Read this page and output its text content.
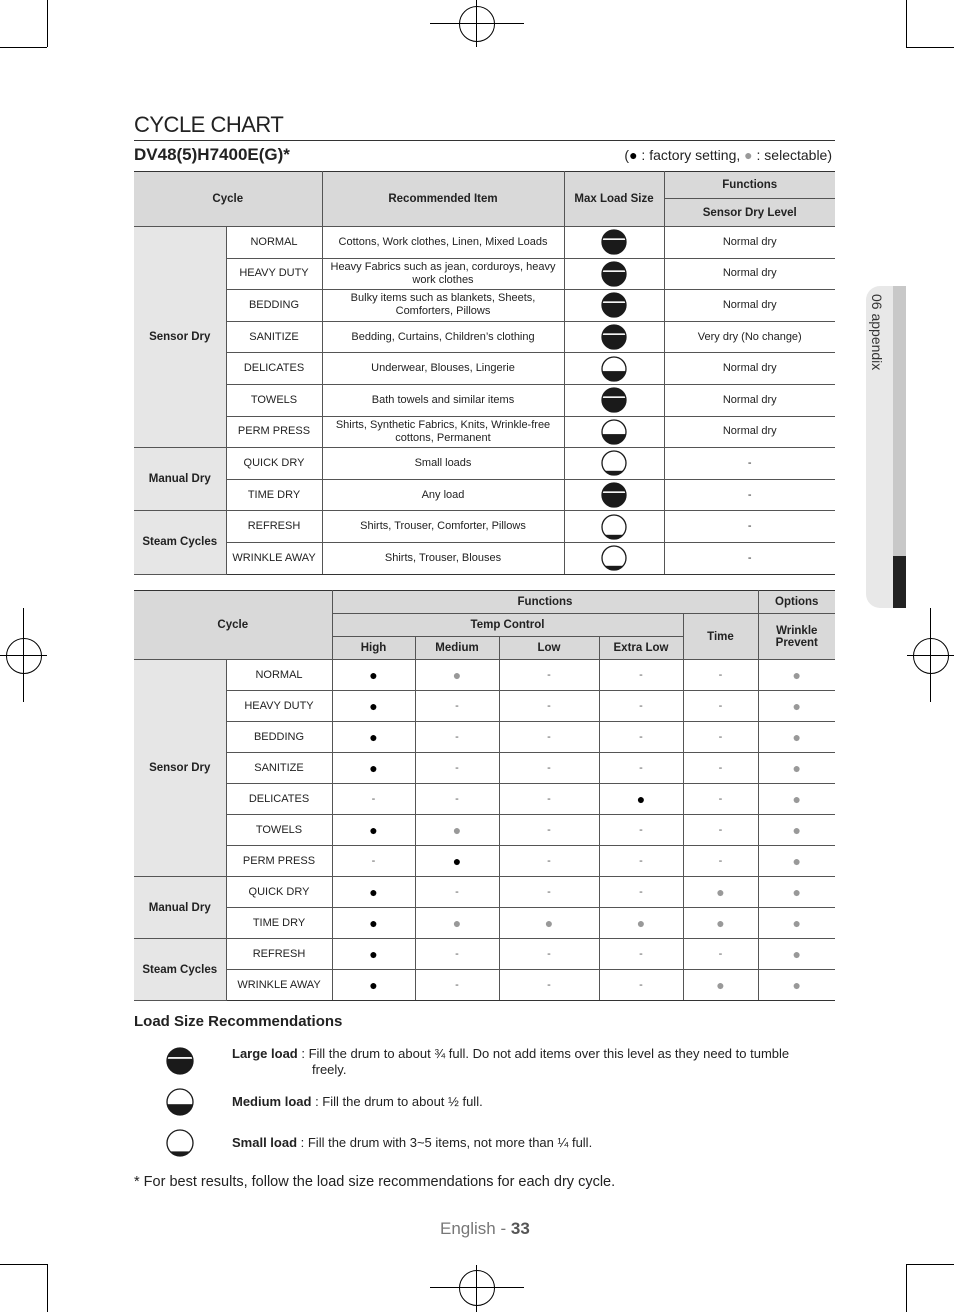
06 appendix
CYCLE CHART
DV48(5)H7400E(G)*	(● : factory setting, ● : selectable)
Cycle		Recommended Item	Max Load Size	Functions
				Sensor Dry Level
Sensor Dry	NORMAL	Cottons, Work clothes, Linen, Mixed Loads		Normal dry
	HEAVY DUTY	Heavy Fabrics such as jean, corduroys, heavy work clothes		Normal dry
	BEDDING	Bulky items such as blankets, Sheets, Comforters, Pillows		Normal dry
	SANITIZE	Bedding, Curtains, Children’s clothing		Very dry (No change)
	DELICATES	Underwear, Blouses, Lingerie		Normal dry
	TOWELS	Bath towels and similar items		Normal dry
	PERM PRESS	Shirts, Synthetic Fabrics, Knits, Wrinkle-free cottons, Permanent		Normal dry
Manual Dry	QUICK DRY	Small loads		-
	TIME DRY	Any load		-
Steam Cycles	REFRESH	Shirts, Trouser, Comforter, Pillows		-
	WRINKLE AWAY	Shirts, Trouser, Blouses		-
Cycle		Functions					Options
		Temp Control				Time	Wrinkle Prevent
		High	Medium	Low	Extra Low		
Sensor Dry	NORMAL	●	●	-	-	-	●
	HEAVY DUTY	●	-	-	-	-	●
	BEDDING	●	-	-	-	-	●
	SANITIZE	●	-	-	-	-	●
	DELICATES	-	-	-	●	-	●
	TOWELS	●	●	-	-	-	●
	PERM PRESS	-	●	-	-	-	●
Manual Dry	QUICK DRY	●	-	-	-	●	●
	TIME DRY	●	●	●	●	●	●
Steam Cycles	REFRESH	●	-	-	-	-	●
	WRINKLE AWAY	●	-	-	-	●	●
Load Size Recommendations
Large load : Fill the drum to about ¾ full. Do not add items over this level as they need to tumble
freely.
Medium load : Fill the drum to about ½ full.
Small load : Fill the drum with 3~5 items, not more than ¼ full.
* For best results, follow the load size recommendations for each dry cycle.
English - 33
